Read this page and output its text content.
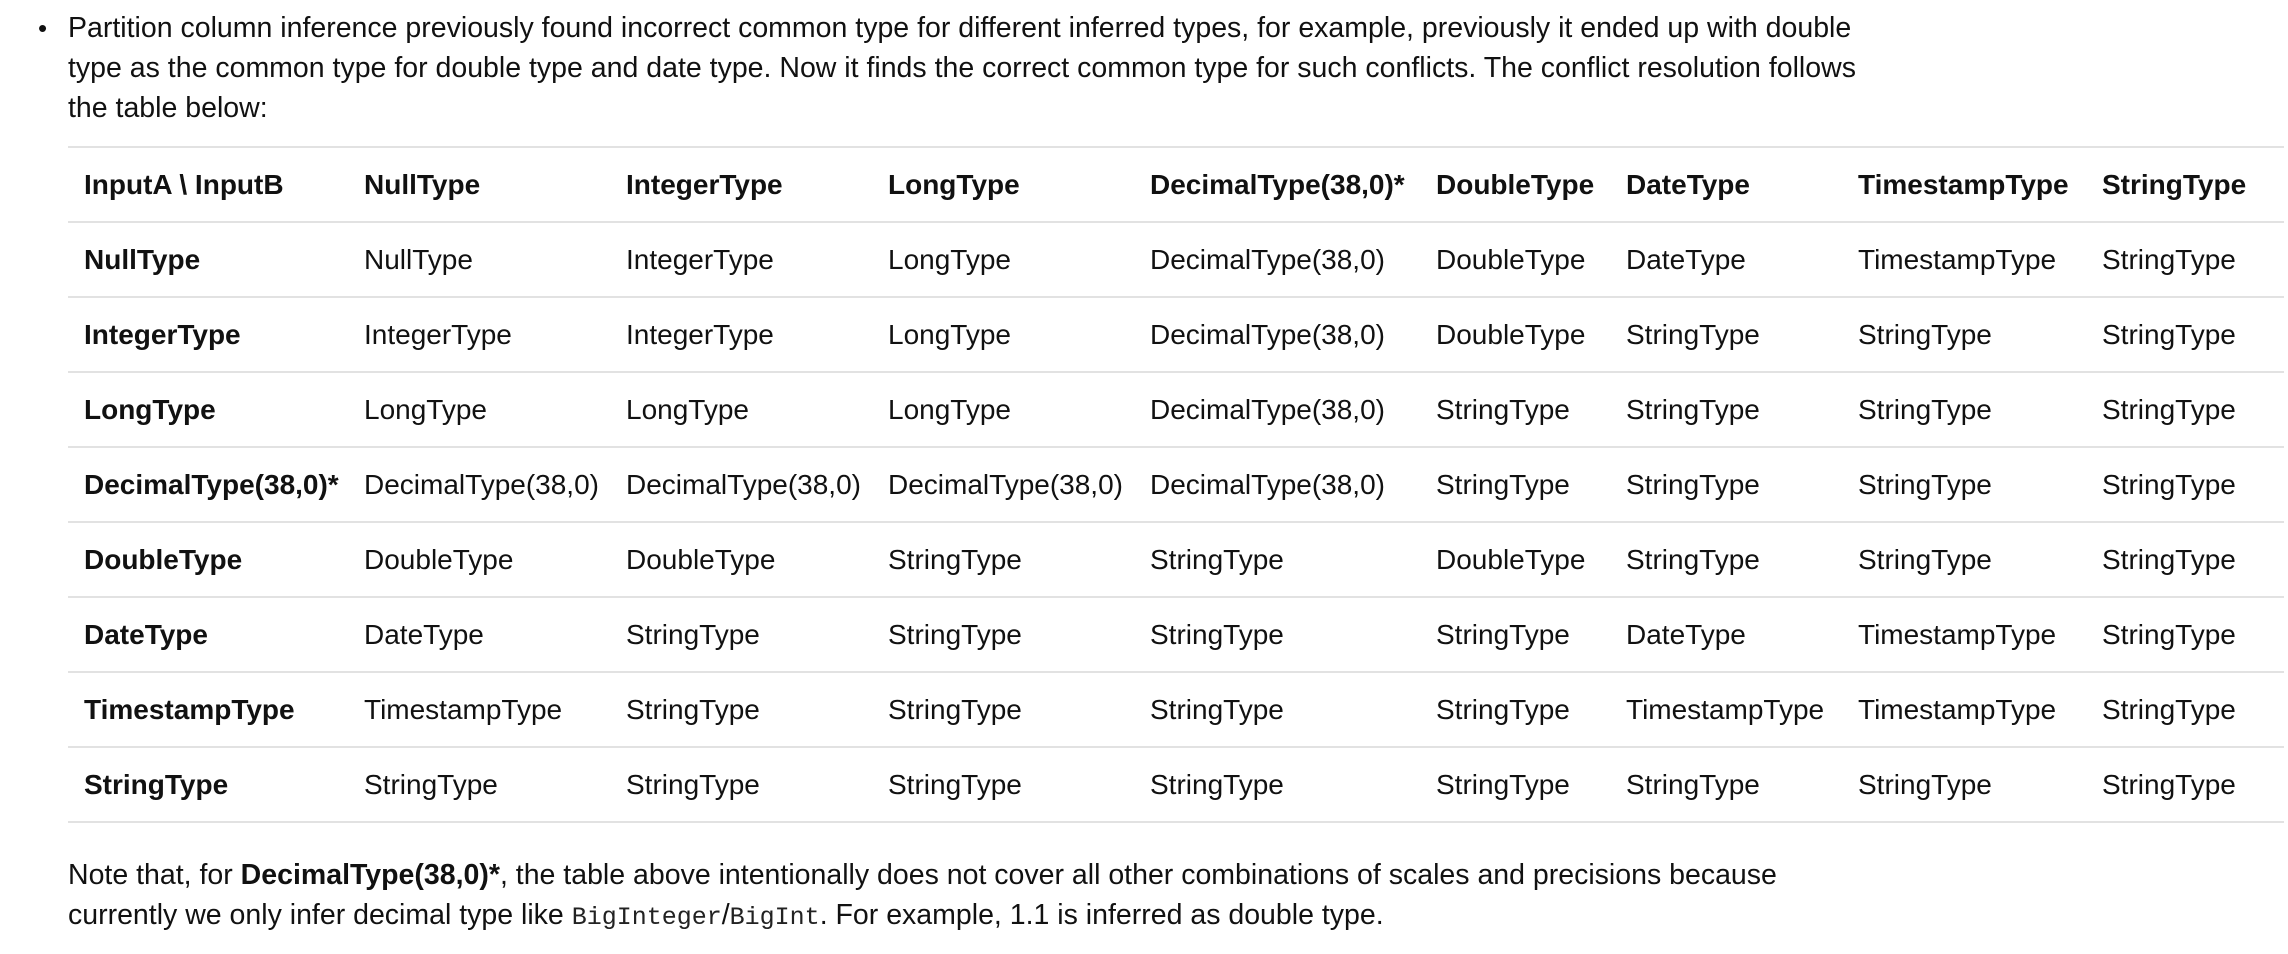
• Partition column inference previously found incorrect common type for different inferred types, for example, previously it ended up with double type as the common type for double type and date type. Now it finds the correct common type for such conflicts. The conflict resolution follows the table below:
InputA \ InputB	NullType	IntegerType	LongType	DecimalType(38,0)*	DoubleType	DateType	TimestampType	StringType
NullType	NullType	IntegerType	LongType	DecimalType(38,0)	DoubleType	DateType	TimestampType	StringType
IntegerType	IntegerType	IntegerType	LongType	DecimalType(38,0)	DoubleType	StringType	StringType	StringType
LongType	LongType	LongType	LongType	DecimalType(38,0)	StringType	StringType	StringType	StringType
DecimalType(38,0)*	DecimalType(38,0)	DecimalType(38,0)	DecimalType(38,0)	DecimalType(38,0)	StringType	StringType	StringType	StringType
DoubleType	DoubleType	DoubleType	StringType	StringType	DoubleType	StringType	StringType	StringType
DateType	DateType	StringType	StringType	StringType	StringType	DateType	TimestampType	StringType
TimestampType	TimestampType	StringType	StringType	StringType	StringType	TimestampType	TimestampType	StringType
StringType	StringType	StringType	StringType	StringType	StringType	StringType	StringType	StringType
Note that, for DecimalType(38,0)*, the table above intentionally does not cover all other combinations of scales and precisions because currently we only infer decimal type like BigInteger/BigInt. For example, 1.1 is inferred as double type.
